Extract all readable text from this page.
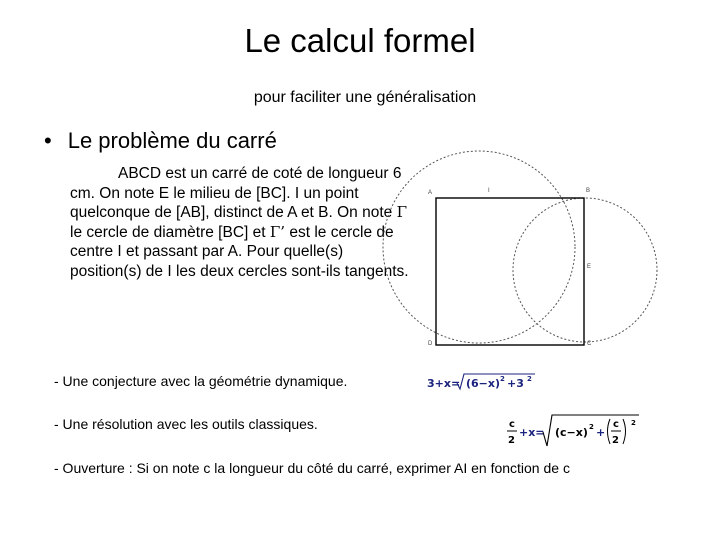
Le calcul formel
pour faciliter une généralisation
• Le problème du carré
ABCD est un carré de coté de longueur 6 cm. On note E le milieu de [BC]. I un point quelconque de [AB], distinct de A et B. On note Γ le cercle de diamètre [BC] et Γ’ est le cercle de centre I et passant par A. Pour quelle(s) position(s) de I les deux cercles sont-ils tangents.
A	I	B
E
D	C
- Une conjecture avec la géométrie dynamique.
- Une résolution avec les outils classiques.
- Ouverture : Si on note c la longueur du côté du carré, exprimer AI en fonction de c
3+x= (6−x) 2 +3 2
c
2
+x= (c−x) 2 +
c
2
2
